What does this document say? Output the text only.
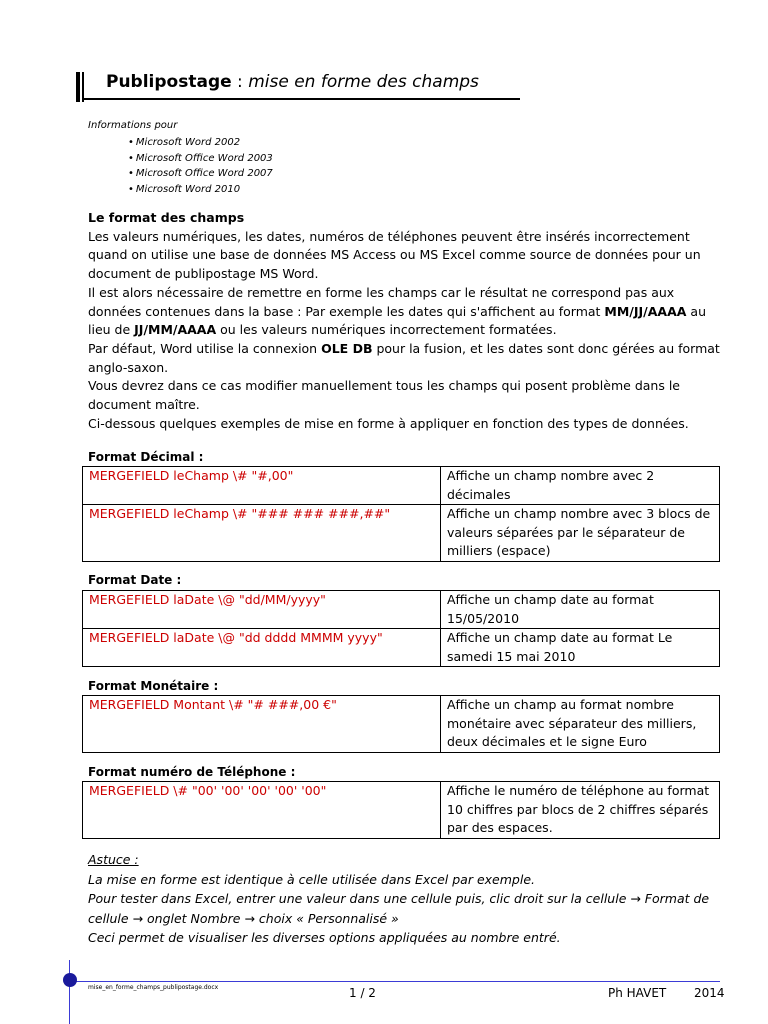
Publipostage : mise en forme des champs
Informations pour
• Microsoft Word 2002
• Microsoft Office Word 2003
• Microsoft Office Word 2007
• Microsoft Word 2010

Le format des champs

Les valeurs numériques, les dates, numéros de téléphones peuvent être insérés incorrectement quand on utilise une base de données MS Access ou MS Excel comme source de données pour un document de publipostage MS Word.

Il est alors nécessaire de remettre en forme les champs car le résultat ne correspond pas aux données contenues dans la base : Par exemple les dates qui s'affichent au format MM/JJ/AAAA au lieu de JJ/MM/AAAA ou les valeurs numériques incorrectement formatées.

Par défaut, Word utilise la connexion OLE DB pour la fusion, et les dates sont donc gérées au format anglo-saxon.

Vous devrez dans ce cas modifier manuellement tous les champs qui posent problème dans le document maître.

Ci-dessous quelques exemples de mise en forme à appliquer en fonction des types de données.

Format Décimal :
MERGEFIELD leChamp \# "#,00"	Affiche un champ nombre avec 2 décimales
MERGEFIELD leChamp \# "### ### ###,##"	Affiche un champ nombre avec 3 blocs de valeurs séparées par le séparateur de milliers (espace)
Format Date :
MERGEFIELD laDate \@ "dd/MM/yyyy"	Affiche un champ date au format 15/05/2010
MERGEFIELD laDate \@ "dd dddd MMMM yyyy"	Affiche un champ date au format Le samedi 15 mai 2010
Format Monétaire :
MERGEFIELD Montant \# "# ###,00 €"	Affiche un champ au format nombre monétaire avec séparateur des milliers, deux décimales et le signe Euro
Format numéro de Téléphone :
MERGEFIELD \# "00' '00' '00' '00' '00"	Affiche le numéro de téléphone au format 10 chiffres par blocs de 2 chiffres séparés par des espaces.

Astuce :

La mise en forme est identique à celle utilisée dans Excel par exemple.

Pour tester dans Excel, entrer une valeur dans une cellule puis, clic droit sur la cellule → Format de cellule → onglet Nombre → choix « Personnalisé »

Ceci permet de visualiser les diverses options appliquées au nombre entré.

mise_en_forme_champs_publipostage.docx	1 / 2	Ph HAVET 2014
